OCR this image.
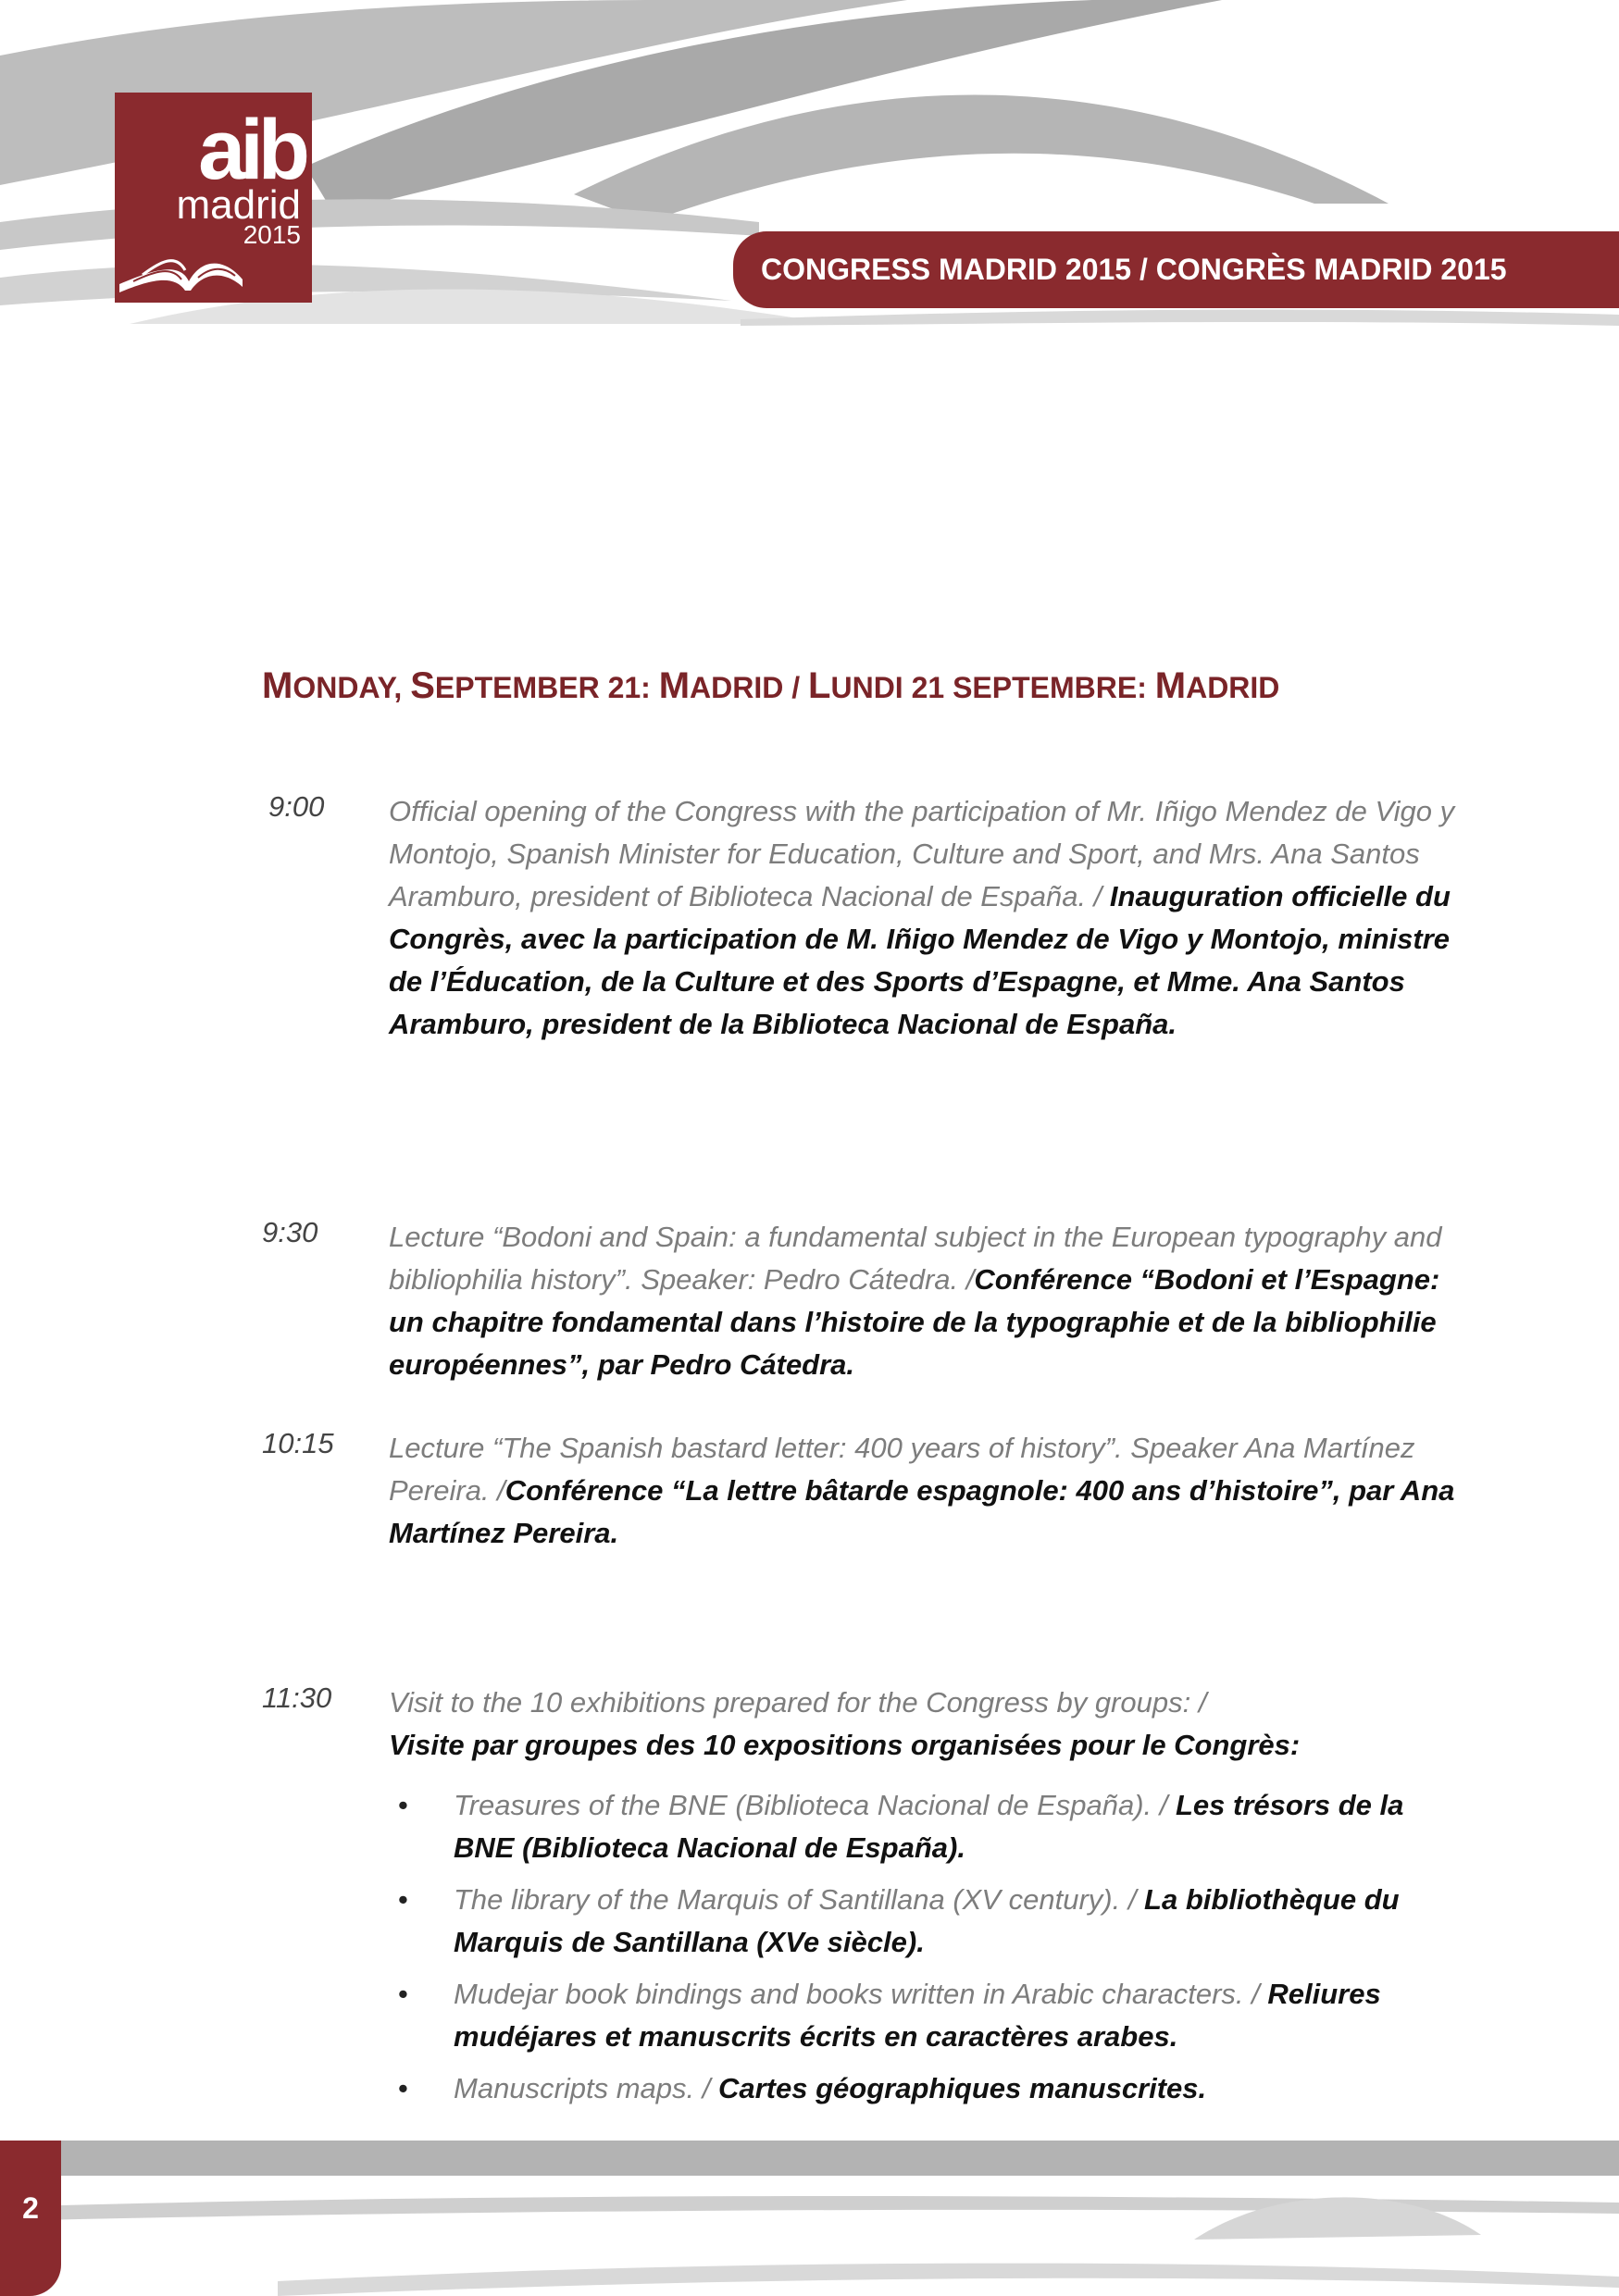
aib
madrid
2015
CONGRESS MADRID 2015 / CONGRÈS MADRID 2015
MONDAY, SEPTEMBER 21: MADRID / LUNDI 21 SEPTEMBRE: MADRID
9:00 Official opening of the Congress with the participation of Mr. Iñigo Mendez de Vigo y Montojo, Spanish Minister for Education, Culture and Sport, and Mrs. Ana Santos Aramburo, president of Biblioteca Nacional de España. / Inauguration officielle du Congrès, avec la participation de M. Iñigo Mendez de Vigo y Montojo, ministre de l’Éducation, de la Culture et des Sports d’Espagne, et Mme. Ana Santos Aramburo, president de la Biblioteca Nacional de España.
9:30 Lecture “Bodoni and Spain: a fundamental subject in the European typography and bibliophilia history”. Speaker: Pedro Cátedra. /Conférence “Bodoni et l’Espagne: un chapitre fondamental dans l’histoire de la typographie et de la bibliophilie européennes”, par Pedro Cátedra.
10:15 Lecture “The Spanish bastard letter: 400 years of history”. Speaker Ana Martínez Pereira. /Conférence “La lettre bâtarde espagnole: 400 ans d’histoire”, par Ana Martínez Pereira.
11:30 Visit to the 10 exhibitions prepared for the Congress by groups: /
Visite par groupes des 10 expositions organisées pour le Congrès:
• Treasures of the BNE (Biblioteca Nacional de España). / Les trésors de la BNE (Biblioteca Nacional de España).
• The library of the Marquis of Santillana (XV century). / La bibliothèque du Marquis de Santillana (XVe siècle).
• Mudejar book bindings and books written in Arabic characters. / Reliures mudéjares et manuscrits écrits en caractères arabes.
• Manuscripts maps. / Cartes géographiques manuscrites.
2
